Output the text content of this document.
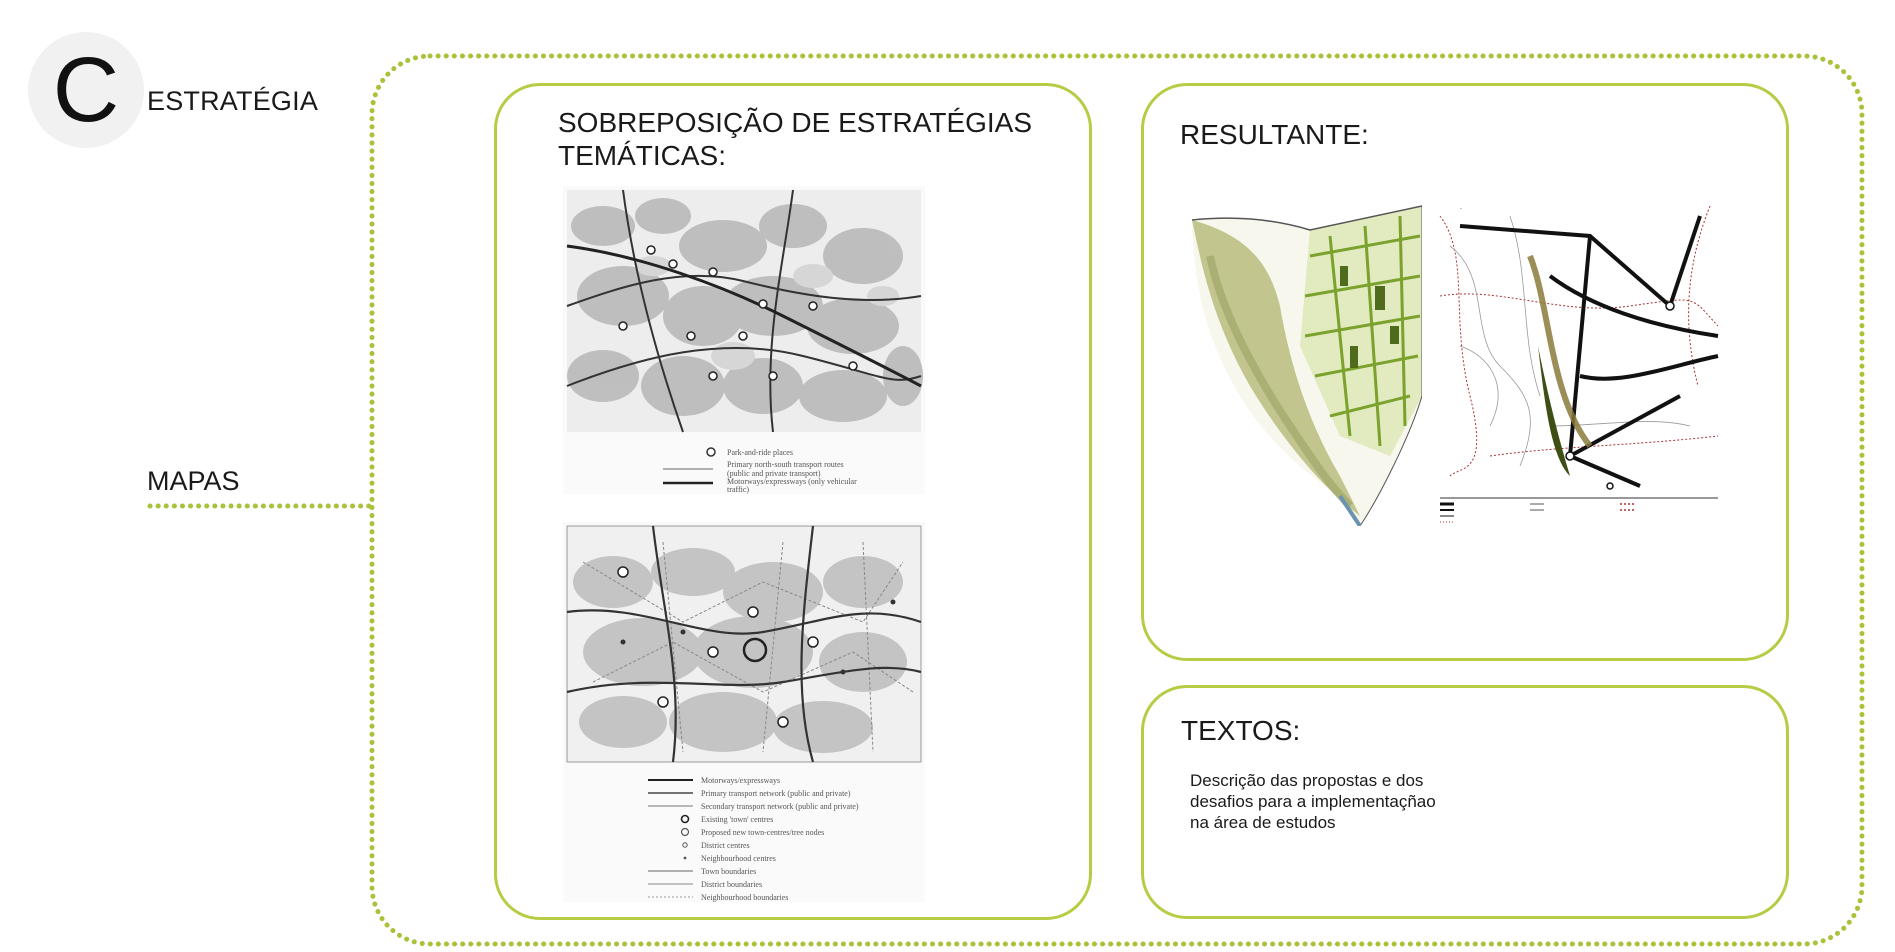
C	ESTRATÉGIA
MAPAS
SOBREPOSIÇÃO DE ESTRATÉGIAS
TEMÁTICAS:
Park-and-ride places
Primary north-south transport routes
(public and private transport)
Motorways/expressways (only vehicular
traffic)
Motorways/expressways
Primary transport network (public and private)
Secondary transport network (public and private)
Existing 'town' centres
Proposed new town-centres/tree nodes
District centres
Neighbourhood centres
Town boundaries
District boundaries
Neighbourhood boundaries
RESULTANTE:
-
TEXTOS:
Descrição das propostas e dos
desafios para a implementaçñao
na área de estudos
